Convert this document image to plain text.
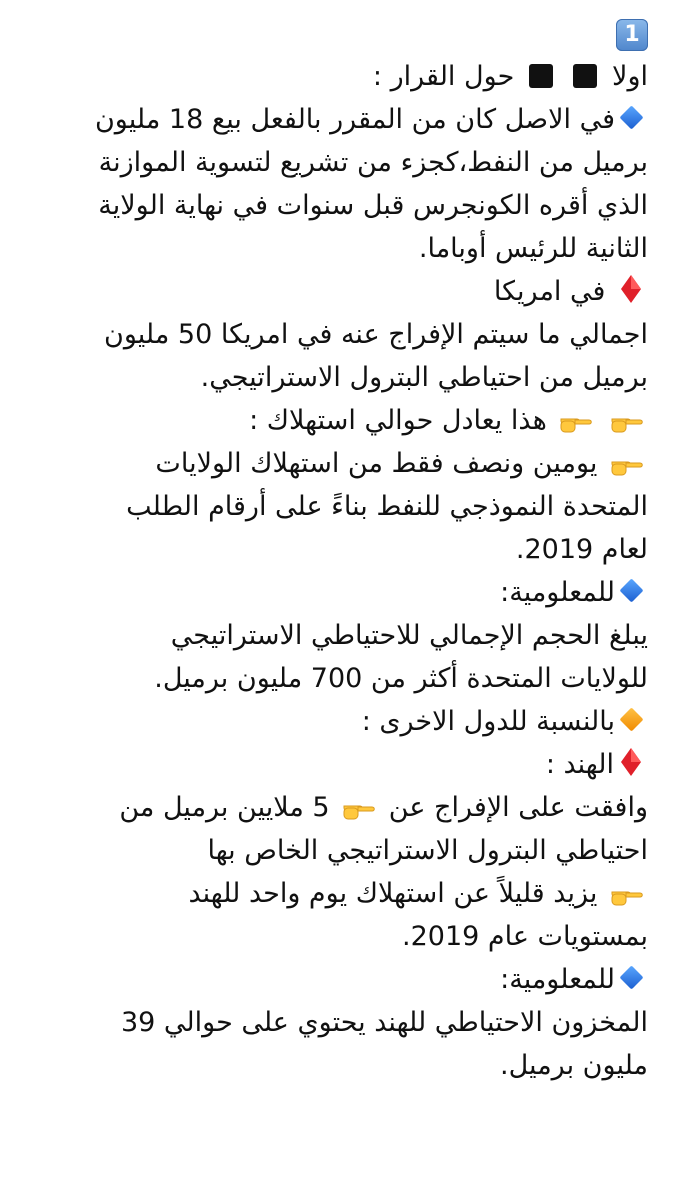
1
اولا   حول القرار :
في الاصل كان من المقرر بالفعل بيع 18 مليون
برميل من النفط،كجزء من تشريع لتسوية الموازنة
الذي أقره الكونجرس قبل سنوات في نهاية الولاية
الثانية للرئيس أوباما.
في امريكا
اجمالي ما سيتم الإفراج عنه في امريكا 50 مليون
برميل من احتياطي البترول الاستراتيجي.
هذا يعادل حوالي استهلاك :
يومين ونصف فقط من استهلاك الولايات
المتحدة النموذجي للنفط بناءً على أرقام الطلب
لعام 2019.
للمعلومية:
يبلغ الحجم الإجمالي للاحتياطي الاستراتيجي
للولايات المتحدة أكثر من 700 مليون برميل.
بالنسبة للدول الاخرى :
الهند :
وافقت على الإفراج عن  5 ملايين برميل من
احتياطي البترول الاستراتيجي الخاص بها
يزيد قليلاً عن استهلاك يوم واحد للهند
بمستويات عام 2019.
للمعلومية:
المخزون الاحتياطي للهند يحتوي على حوالي 39
مليون برميل.
